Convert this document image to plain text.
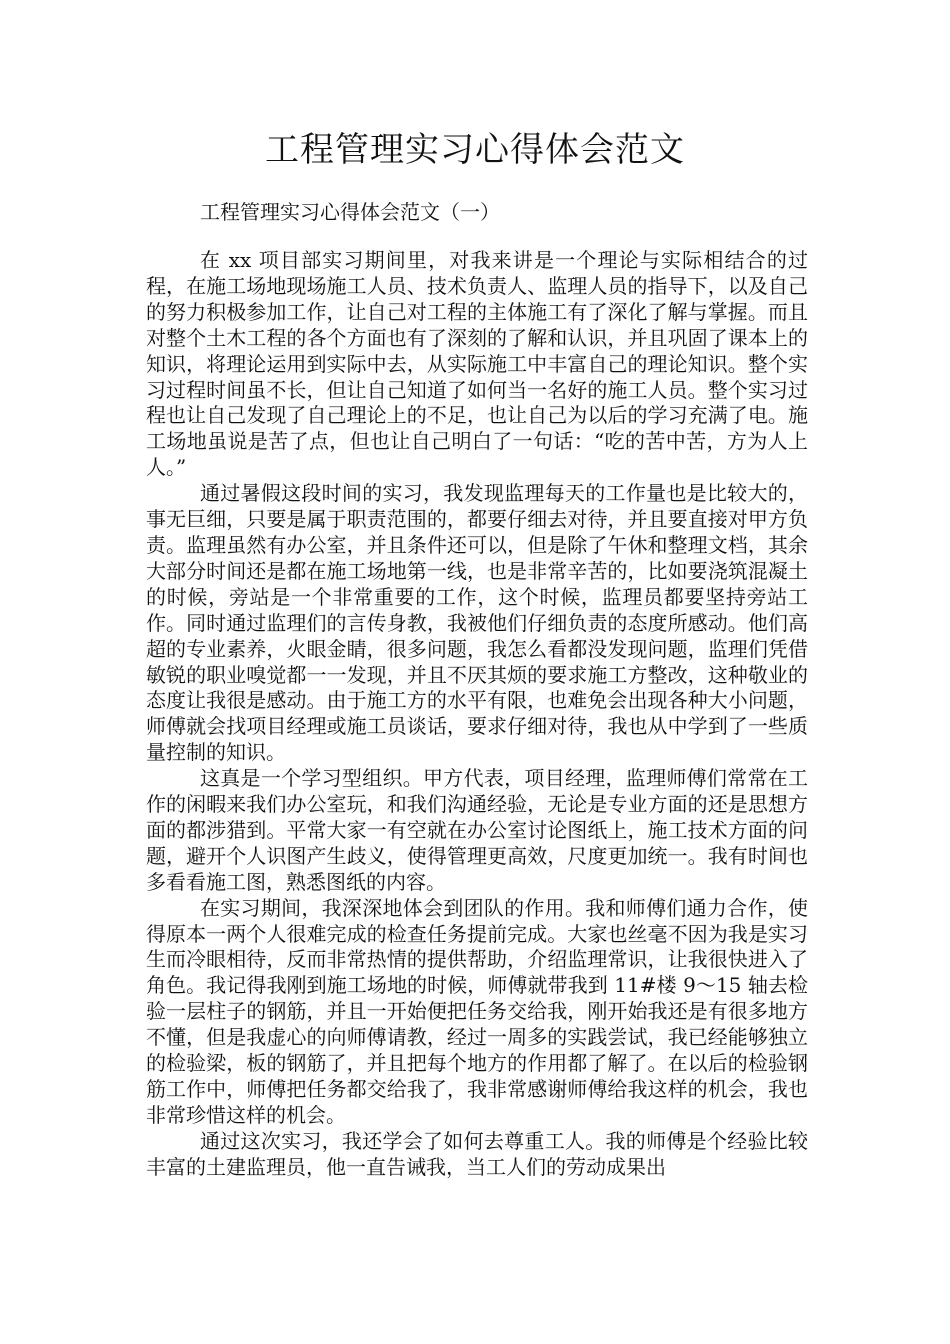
工程管理实习心得体会范文
工程管理实习心得体会范文（一）

在 xx 项目部实习期间里，对我来讲是一个理论与实际相结合的过程，在施工场地现场施工人员、技术负责人、监理人员的指导下，以及自己的努力积极参加工作，让自己对工程的主体施工有了深化了解与掌握。而且对整个土木工程的各个方面也有了深刻的了解和认识，并且巩固了课本上的知识，将理论运用到实际中去，从实际施工中丰富自己的理论知识。整个实习过程时间虽不长，但让自己知道了如何当一名好的施工人员。整个实习过程也让自己发现了自己理论上的不足，也让自己为以后的学习充满了电。施工场地虽说是苦了点，但也让自己明白了一句话：“吃的苦中苦，方为人上人。”

通过暑假这段时间的实习，我发现监理每天的工作量也是比较大的，事无巨细，只要是属于职责范围的，都要仔细去对待，并且要直接对甲方负责。监理虽然有办公室，并且条件还可以，但是除了午休和整理文档，其余大部分时间还是都在施工场地第一线，也是非常辛苦的，比如要浇筑混凝土的时候，旁站是一个非常重要的工作，这个时候，监理员都要坚持旁站工作。同时通过监理们的言传身教，我被他们仔细负责的态度所感动。他们高超的专业素养，火眼金睛，很多问题，我怎么看都没发现问题，监理们凭借敏锐的职业嗅觉都一一发现，并且不厌其烦的要求施工方整改，这种敬业的态度让我很是感动。由于施工方的水平有限，也难免会出现各种大小问题，师傅就会找项目经理或施工员谈话，要求仔细对待，我也从中学到了一些质量控制的知识。

这真是一个学习型组织。甲方代表，项目经理，监理师傅们常常在工作的闲暇来我们办公室玩，和我们沟通经验，无论是专业方面的还是思想方面的都涉猎到。平常大家一有空就在办公室讨论图纸上，施工技术方面的问题，避开个人识图产生歧义，使得管理更高效，尺度更加统一。我有时间也多看看施工图，熟悉图纸的内容。

在实习期间，我深深地体会到团队的作用。我和师傅们通力合作，使得原本一两个人很难完成的检查任务提前完成。大家也丝毫不因为我是实习生而冷眼相待，反而非常热情的提供帮助，介绍监理常识，让我很快进入了角色。我记得我刚到施工场地的时候，师傅就带我到 11#楼 9～15 轴去检验一层柱子的钢筋，并且一开始便把任务交给我，刚开始我还是有很多地方不懂，但是我虚心的向师傅请教，经过一周多的实践尝试，我已经能够独立的检验梁，板的钢筋了，并且把每个地方的作用都了解了。在以后的检验钢筋工作中，师傅把任务都交给我了，我非常感谢师傅给我这样的机会，我也非常珍惜这样的机会。

通过这次实习，我还学会了如何去尊重工人。我的师傅是个经验比较丰富的土建监理员，他一直告诫我，当工人们的劳动成果出
